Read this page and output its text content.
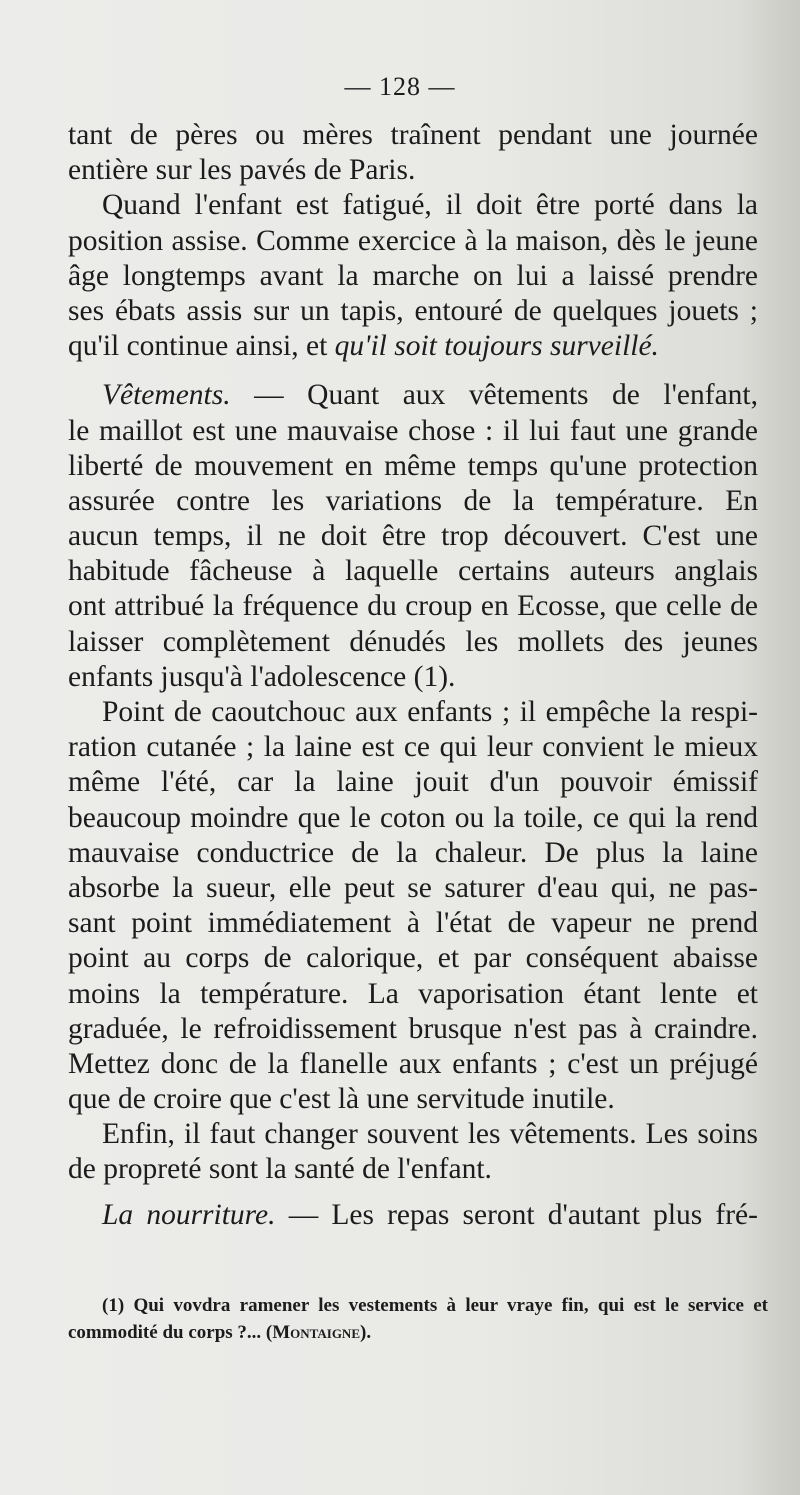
— 128 —
tant de pères ou mères traînent pendant une journée
entière sur les pavés de Paris.
Quand l'enfant est fatigué, il doit être porté dans la
position assise. Comme exercice à la maison, dès le jeune
âge longtemps avant la marche on lui a laissé prendre
ses ébats assis sur un tapis, entouré de quelques jouets ;
qu'il continue ainsi, et qu'il soit toujours surveillé.
Vêtements. — Quant aux vêtements de l'enfant,
le maillot est une mauvaise chose : il lui faut une grande
liberté de mouvement en même temps qu'une protection
assurée contre les variations de la température. En
aucun temps, il ne doit être trop découvert. C'est une
habitude fâcheuse à laquelle certains auteurs anglais
ont attribué la fréquence du croup en Ecosse, que celle de
laisser complètement dénudés les mollets des jeunes
enfants jusqu'à l'adolescence (1).
Point de caoutchouc aux enfants ; il empêche la respi-
ration cutanée ; la laine est ce qui leur convient le mieux
même l'été, car la laine jouit d'un pouvoir émissif
beaucoup moindre que le coton ou la toile, ce qui la rend
mauvaise conductrice de la chaleur. De plus la laine
absorbe la sueur, elle peut se saturer d'eau qui, ne pas-
sant point immédiatement à l'état de vapeur ne prend
point au corps de calorique, et par conséquent abaisse
moins la température. La vaporisation étant lente et
graduée, le refroidissement brusque n'est pas à craindre.
Mettez donc de la flanelle aux enfants ; c'est un préjugé
que de croire que c'est là une servitude inutile.
Enfin, il faut changer souvent les vêtements. Les soins
de propreté sont la santé de l'enfant.
La nourriture. — Les repas seront d'autant plus fré-
(1) Qui vovdra ramener les vestements à leur vraye fin, qui est le service et
commodité du corps ?... (Montaigne).
